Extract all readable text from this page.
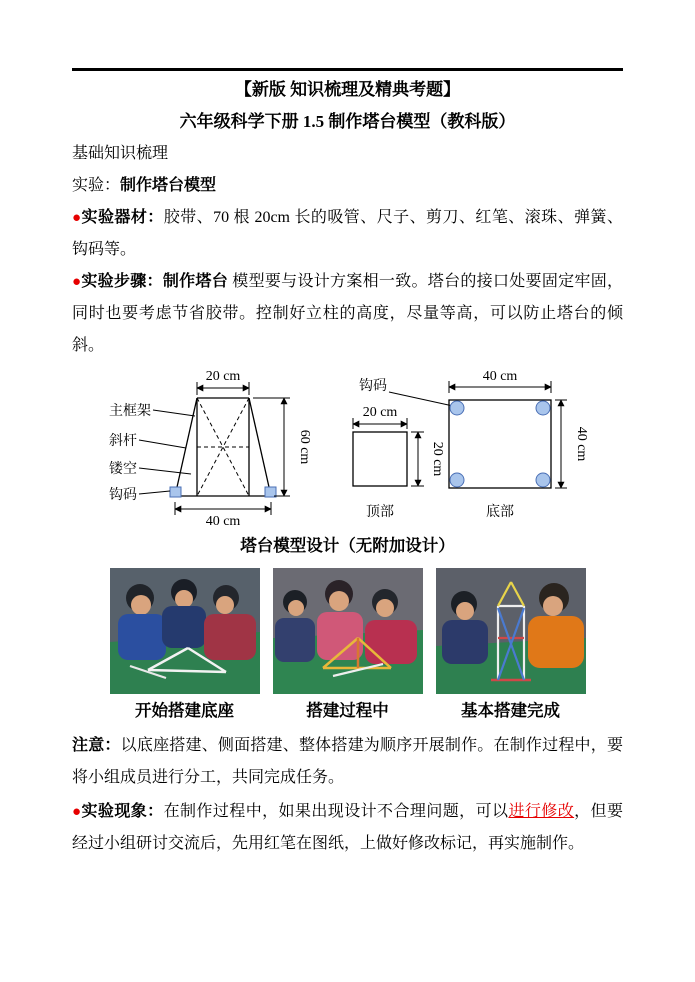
【新版 知识梳理及精典考题】
六年级科学下册 1.5 制作塔台模型（教科版）

基础知识梳理

实验：制作塔台模型

●实验器材：胶带、70 根 20cm 长的吸管、尺子、剪刀、红笔、滚珠、弹簧、钩码等。

●实验步骤：制作塔台 模型要与设计方案相一致。塔台的接口处要固定牢固，同时也要考虑节省胶带。控制好立柱的高度，尽量等高，可以防止塔台的倾斜。

20 cm
60 cm
40 cm
主框架
斜杆
镂空
钩码
钩码
40 cm
40 cm
底部
20 cm
20 cm
顶部
塔台模型设计（无附加设计）
开始搭建底座	搭建过程中	基本搭建完成

注意：以底座搭建、侧面搭建、整体搭建为顺序开展制作。在制作过程中，要将小组成员进行分工，共同完成任务。

●实验现象：在制作过程中，如果出现设计不合理问题，可以进行修改，但要经过小组研讨交流后，先用红笔在图纸，上做好修改标记，再实施制作。
